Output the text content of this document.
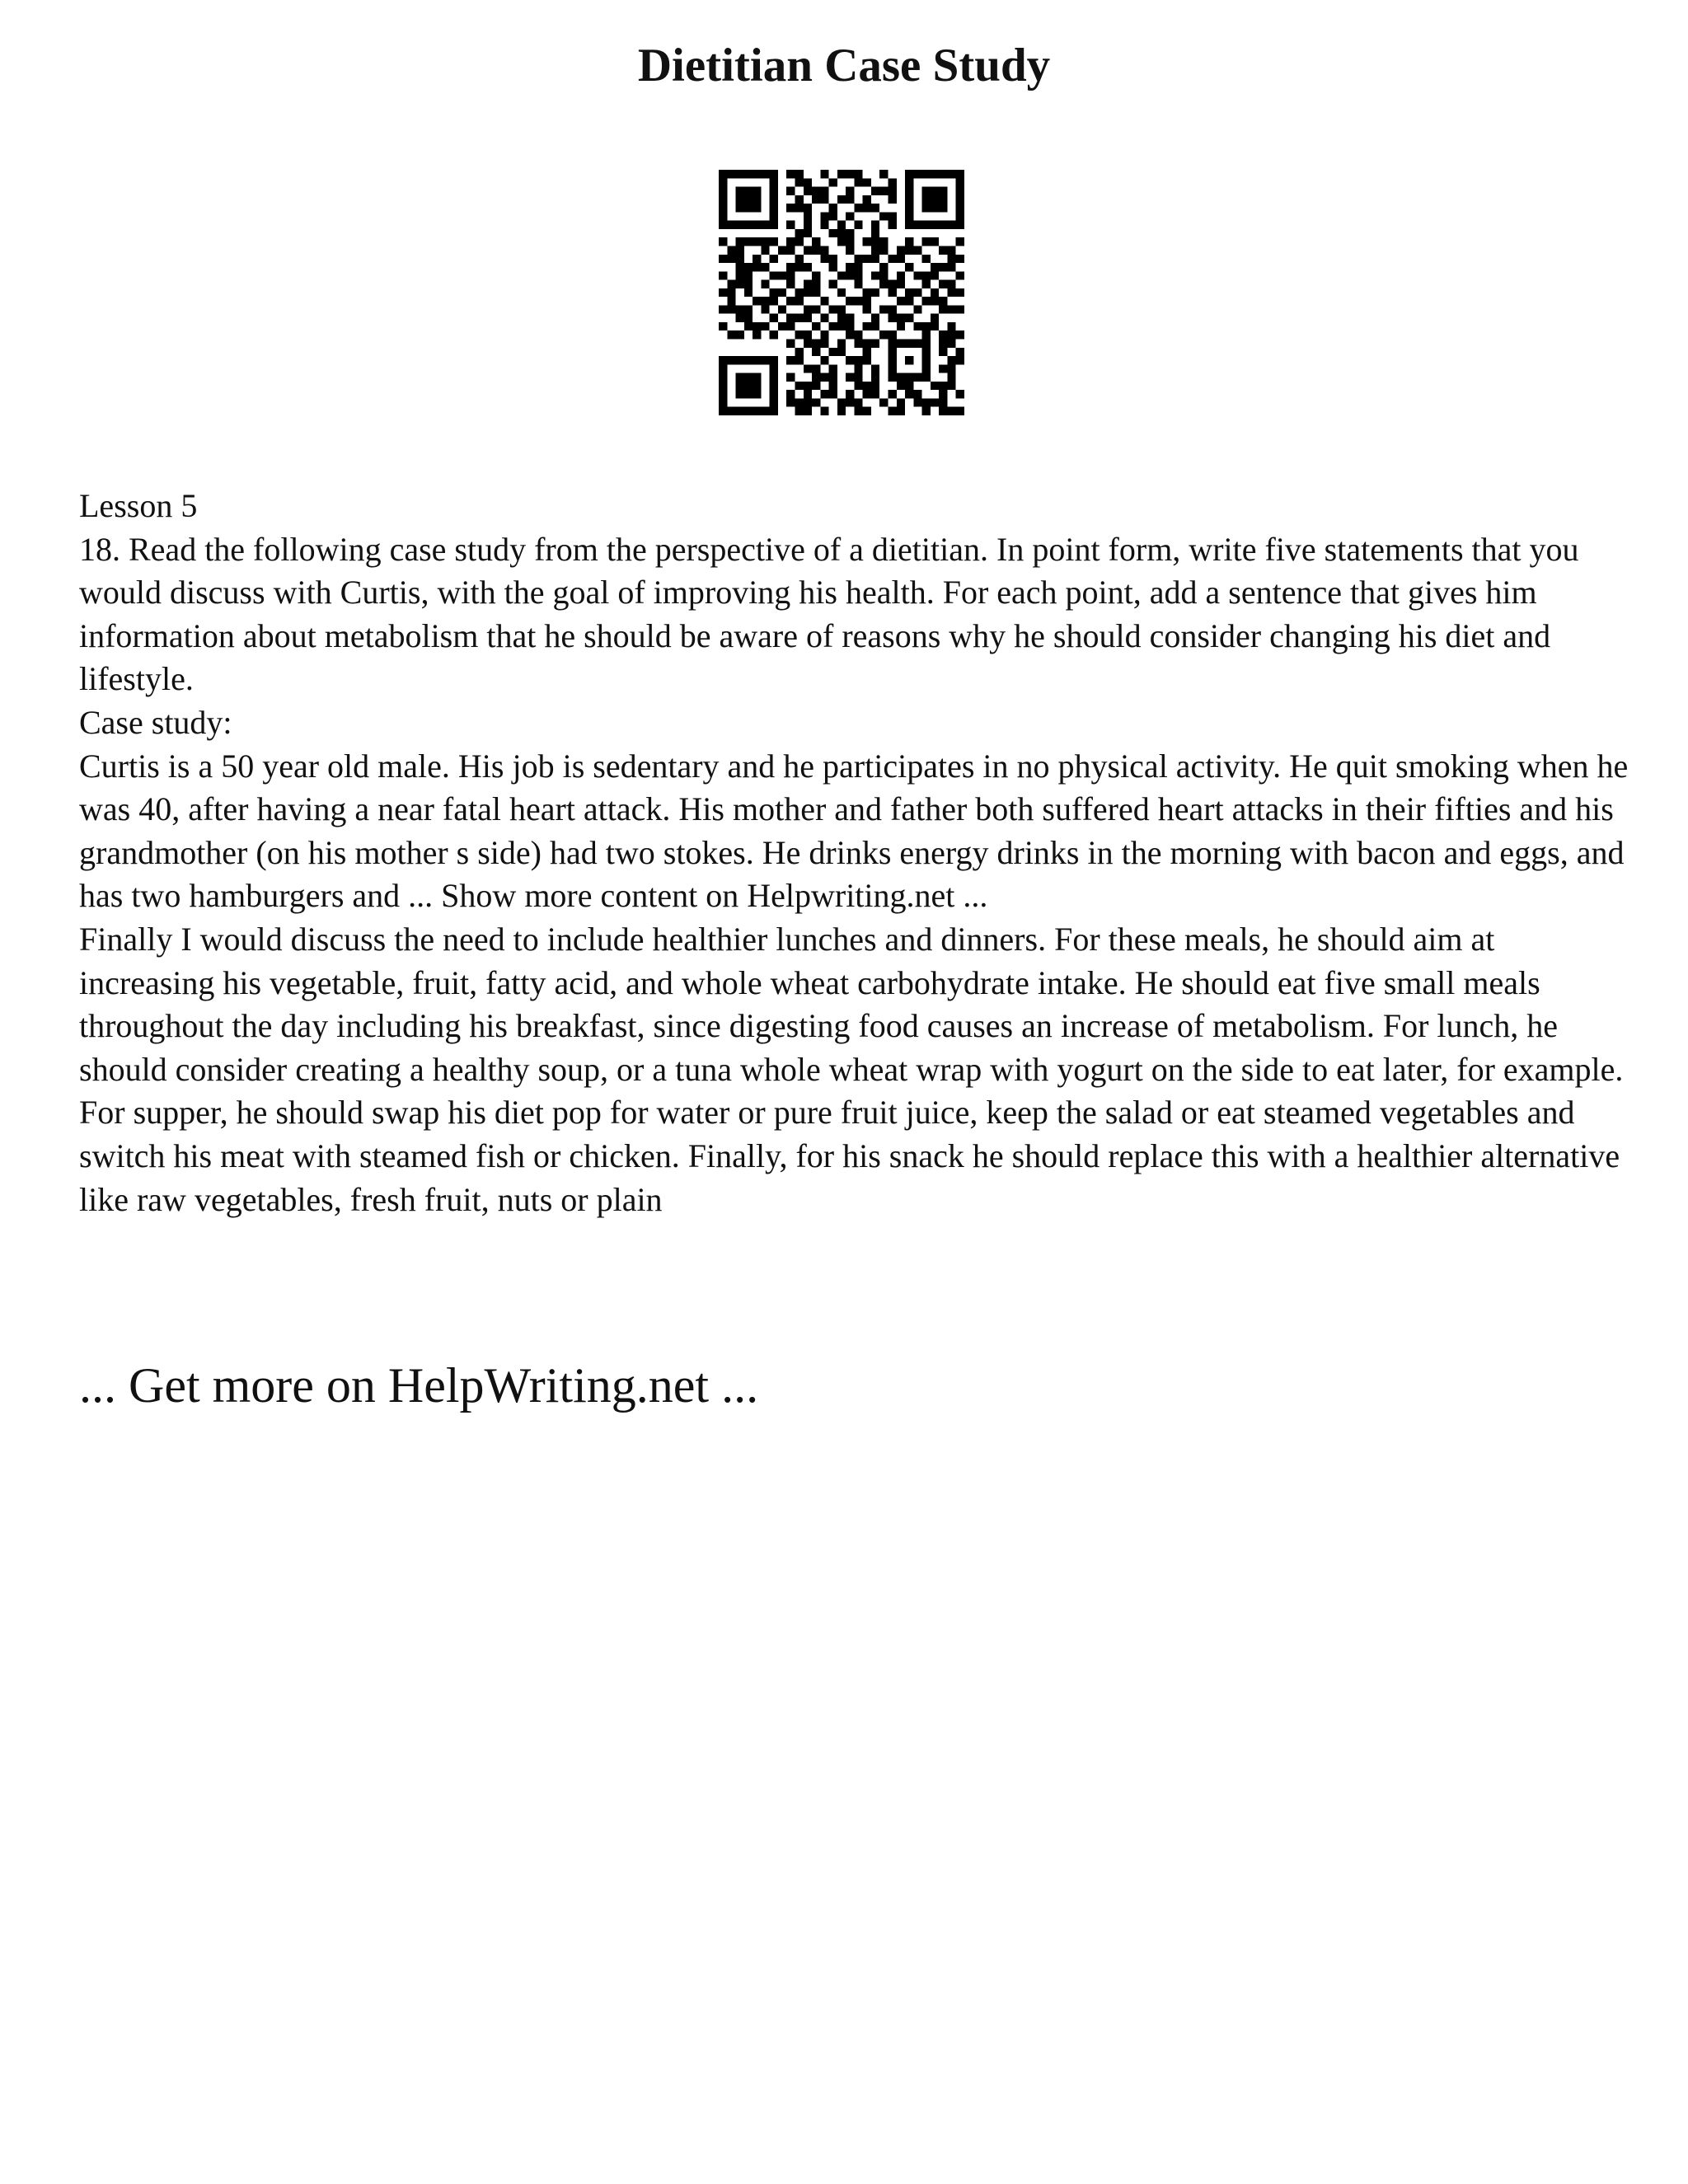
Dietitian Case Study

Lesson 5

18. Read the following case study from the perspective of a dietitian. In point form, write five statements that you would discuss with Curtis, with the goal of improving his health. For each point, add a sentence that gives him information about metabolism that he should be aware of reasons why he should consider changing his diet and lifestyle.

Case study:

Curtis is a 50 year old male. His job is sedentary and he participates in no physical activity. He quit smoking when he was 40, after having a near fatal heart attack. His mother and father both suffered heart attacks in their fifties and his grandmother (on his mother s side) had two stokes. He drinks energy drinks in the morning with bacon and eggs, and has two hamburgers and ... Show more content on Helpwriting.net ...

Finally I would discuss the need to include healthier lunches and dinners. For these meals, he should aim at increasing his vegetable, fruit, fatty acid, and whole wheat carbohydrate intake. He should eat five small meals throughout the day including his breakfast, since digesting food causes an increase of metabolism. For lunch, he should consider creating a healthy soup, or a tuna whole wheat wrap with yogurt on the side to eat later, for example. For supper, he should swap his diet pop for water or pure fruit juice, keep the salad or eat steamed vegetables and switch his meat with steamed fish or chicken. Finally, for his snack he should replace this with a healthier alternative like raw vegetables, fresh fruit, nuts or plain

... Get more on HelpWriting.net ...
